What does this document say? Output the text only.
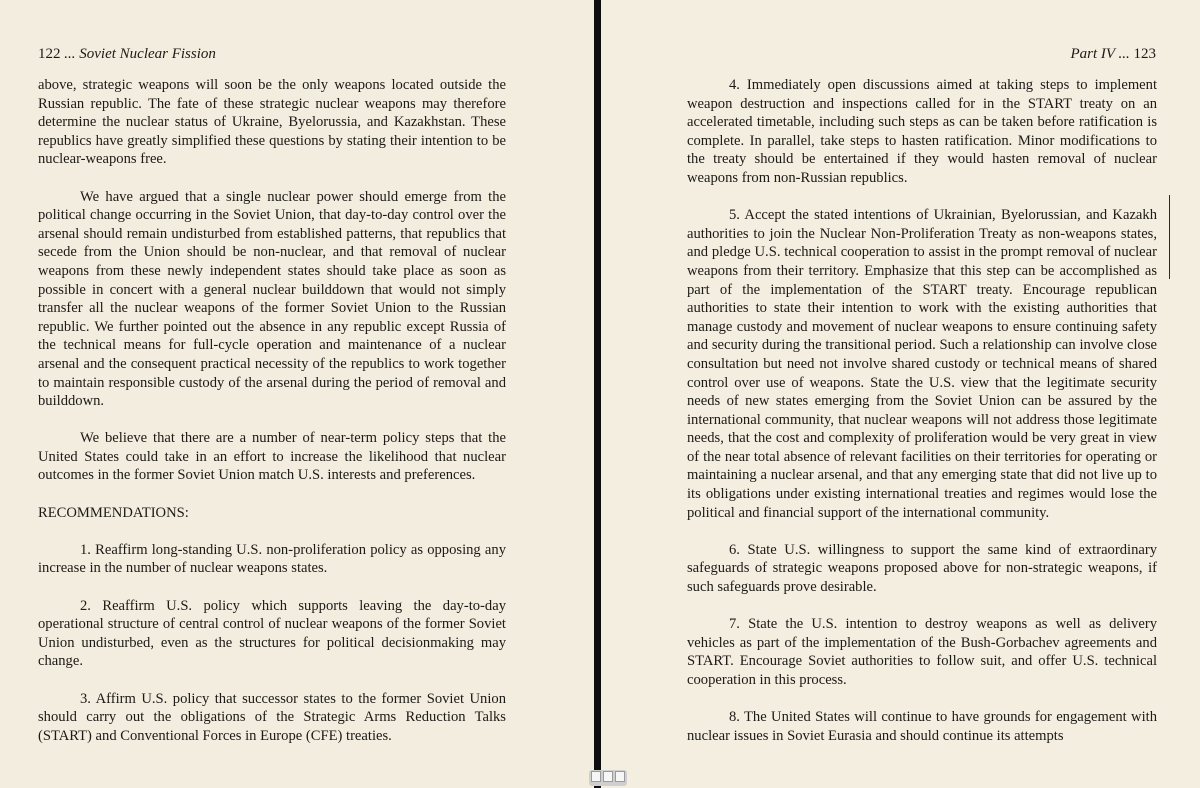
122 ... Soviet Nuclear Fission

above, strategic weapons will soon be the only weapons located outside the Russian republic. The fate of these strategic nuclear weapons may therefore determine the nuclear status of Ukraine, Byelorussia, and Kazakhstan. These republics have greatly simplified these questions by stating their intention to be nuclear-weapons free.

We have argued that a single nuclear power should emerge from the political change occurring in the Soviet Union, that day-to-day control over the arsenal should remain undisturbed from established patterns, that republics that secede from the Union should be non-nuclear, and that removal of nuclear weapons from these newly independent states should take place as soon as possible in concert with a general nuclear builddown that would not simply transfer all the nuclear weapons of the former Soviet Union to the Russian republic. We further pointed out the absence in any republic except Russia of the technical means for full-cycle operation and maintenance of a nuclear arsenal and the consequent practical necessity of the republics to work together to maintain responsible custody of the arsenal during the period of removal and builddown.

We believe that there are a number of near-term policy steps that the United States could take in an effort to increase the likelihood that nuclear outcomes in the former Soviet Union match U.S. interests and preferences.

RECOMMENDATIONS:

1. Reaffirm long-standing U.S. non-proliferation policy as opposing any increase in the number of nuclear weapons states.

2. Reaffirm U.S. policy which supports leaving the day-to-day operational structure of central control of nuclear weapons of the former Soviet Union undisturbed, even as the structures for political decisionmaking may change.

3. Affirm U.S. policy that successor states to the former Soviet Union should carry out the obligations of the Strategic Arms Reduction Talks (START) and Conventional Forces in Europe (CFE) treaties.

Part IV ... 123

4. Immediately open discussions aimed at taking steps to implement weapon destruction and inspections called for in the START treaty on an accelerated timetable, including such steps as can be taken before ratification is complete. In parallel, take steps to hasten ratification. Minor modifications to the treaty should be entertained if they would hasten removal of nuclear weapons from non-Russian republics.

5. Accept the stated intentions of Ukrainian, Byelorussian, and Kazakh authorities to join the Nuclear Non-Proliferation Treaty as non-weapons states, and pledge U.S. technical cooperation to assist in the prompt removal of nuclear weapons from their territory. Emphasize that this step can be accomplished as part of the implementation of the START treaty. Encourage republican authorities to state their intention to work with the existing authorities that manage custody and movement of nuclear weapons to ensure continuing safety and security during the transitional period. Such a relationship can involve close consultation but need not involve shared custody or technical means of shared control over use of weapons. State the U.S. view that the legitimate security needs of new states emerging from the Soviet Union can be assured by the international community, that nuclear weapons will not address those legitimate needs, that the cost and complexity of proliferation would be very great in view of the near total absence of relevant facilities on their territories for operating or maintaining a nuclear arsenal, and that any emerging state that did not live up to its obligations under existing international treaties and regimes would lose the political and financial support of the international community.

6. State U.S. willingness to support the same kind of extraordinary safeguards of strategic weapons proposed above for non-strategic weapons, if such safeguards prove desirable.

7. State the U.S. intention to destroy weapons as well as delivery vehicles as part of the implementation of the Bush-Gorbachev agreements and START. Encourage Soviet authorities to follow suit, and offer U.S. technical cooperation in this process.

8. The United States will continue to have grounds for engagement with nuclear issues in Soviet Eurasia and should continue its attempts
